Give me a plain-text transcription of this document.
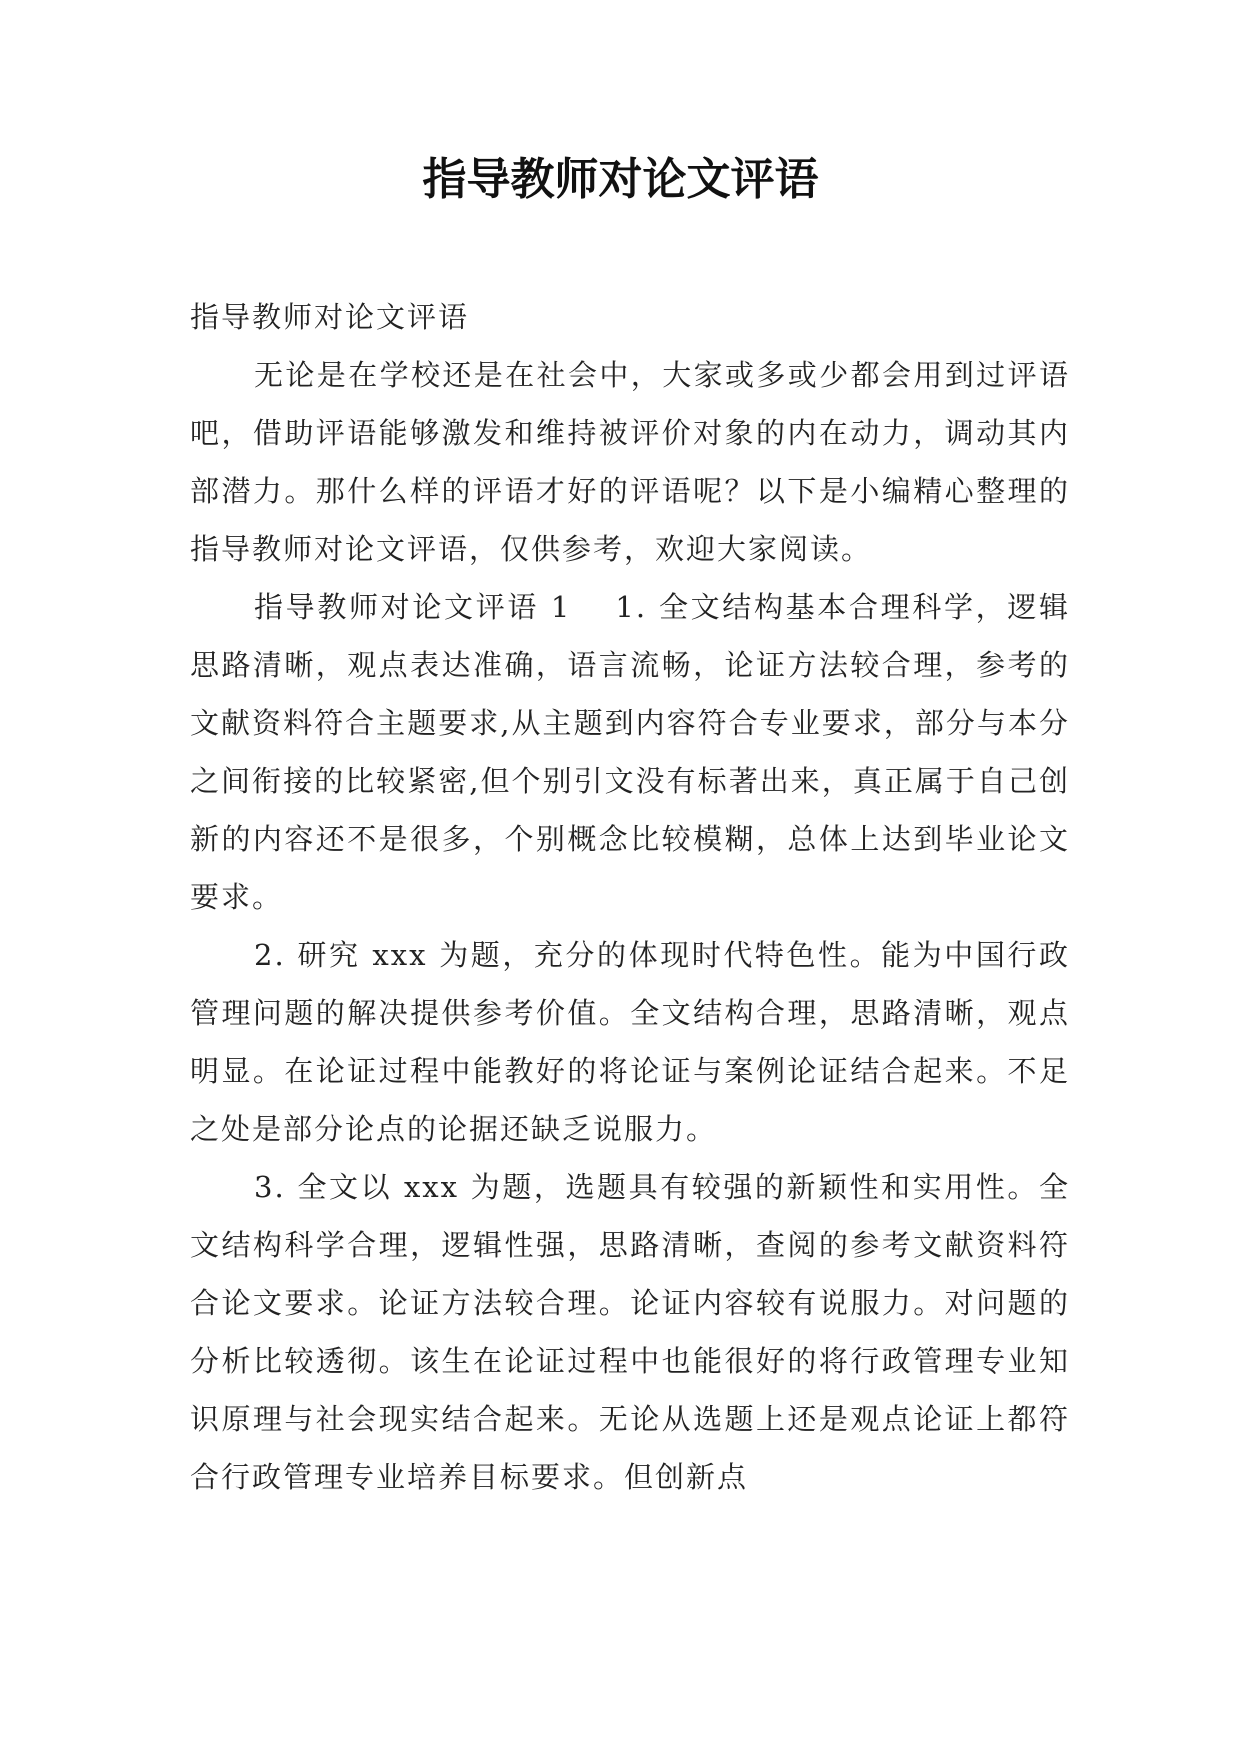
指导教师对论文评语

指导教师对论文评语

无论是在学校还是在社会中，大家或多或少都会用到过评语吧，借助评语能够激发和维持被评价对象的内在动力，调动其内部潜力。那什么样的评语才好的评语呢？以下是小编精心整理的指导教师对论文评语，仅供参考，欢迎大家阅读。

指导教师对论文评语 1 1. 全文结构基本合理科学，逻辑思路清晰，观点表达准确，语言流畅，论证方法较合理，参考的文献资料符合主题要求,从主题到内容符合专业要求，部分与本分之间衔接的比较紧密,但个别引文没有标著出来，真正属于自己创新的内容还不是很多，个别概念比较模糊，总体上达到毕业论文要求。

2. 研究 xxx 为题，充分的体现时代特色性。能为中国行政管理问题的解决提供参考价值。全文结构合理，思路清晰，观点明显。在论证过程中能教好的将论证与案例论证结合起来。不足之处是部分论点的论据还缺乏说服力。

3. 全文以 xxx 为题，选题具有较强的新颖性和实用性。全文结构科学合理，逻辑性强，思路清晰，查阅的参考文献资料符合论文要求。论证方法较合理。论证内容较有说服力。对问题的分析比较透彻。该生在论证过程中也能很好的将行政管理专业知识原理与社会现实结合起来。无论从选题上还是观点论证上都符合行政管理专业培养目标要求。但创新点
